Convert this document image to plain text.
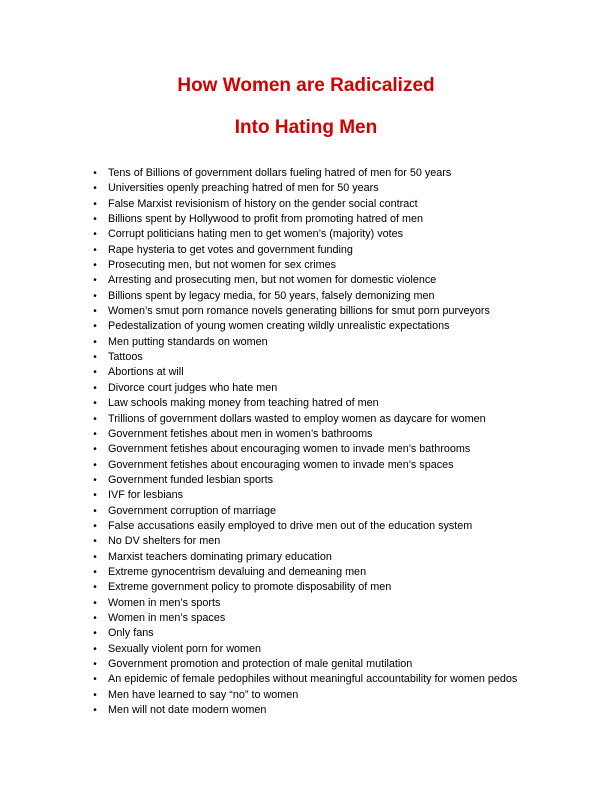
How Women are Radicalized
Into Hating Men
•	Tens of Billions of government dollars fueling hatred of men for 50 years
•	Universities openly preaching hatred of men for 50 years
•	False Marxist revisionism of history on the gender social contract
•	Billions spent by Hollywood to profit from promoting hatred of men
•	Corrupt politicians hating men to get women’s (majority) votes
•	Rape hysteria to get votes and government funding
•	Prosecuting men, but not women for sex crimes
•	Arresting and prosecuting men, but not women for domestic violence
•	Billions spent by legacy media, for 50 years, falsely demonizing men
•	Women’s smut porn romance novels generating billions for smut porn purveyors
•	Pedestalization of young women creating wildly unrealistic expectations
•	Men putting standards on women
•	Tattoos
•	Abortions at will
•	Divorce court judges who hate men
•	Law schools making money from teaching hatred of men
•	Trillions of government dollars wasted to employ women as daycare for women
•	Government fetishes about men in women’s bathrooms
•	Government fetishes about encouraging women to invade men’s bathrooms
•	Government fetishes about encouraging women to invade men’s spaces
•	Government funded lesbian sports
•	IVF for lesbians
•	Government corruption of marriage
•	False accusations easily employed to drive men out of the education system
•	No DV shelters for men
•	Marxist teachers dominating primary education
•	Extreme gynocentrism devaluing and demeaning men
•	Extreme government policy to promote disposability of men
•	Women in men’s sports
•	Women in men’s spaces
•	Only fans
•	Sexually violent porn for women
•	Government promotion and protection of male genital mutilation
•	An epidemic of female pedophiles without meaningful accountability for women pedos
•	Men have learned to say “no” to women
•	Men will not date modern women
